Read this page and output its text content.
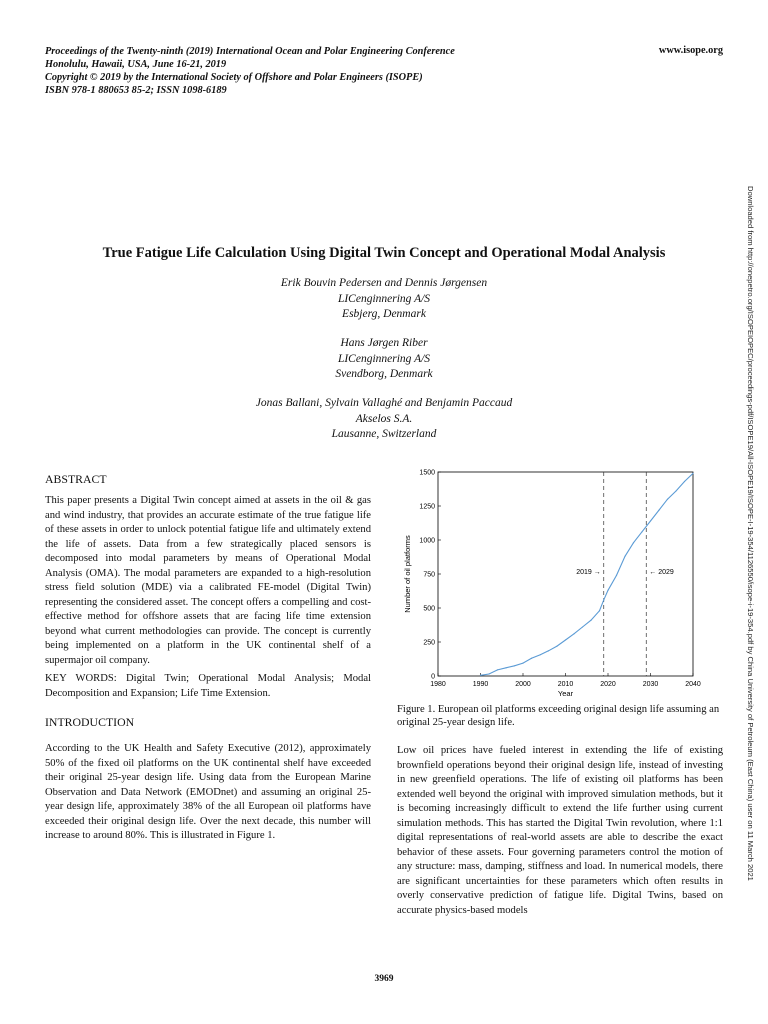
Proceedings of the Twenty-ninth (2019) International Ocean and Polar Engineering Conference
Honolulu, Hawaii, USA, June 16-21, 2019
Copyright © 2019 by the International Society of Offshore and Polar Engineers (ISOPE)
ISBN 978-1 880653 85-2; ISSN 1098-6189
www.isope.org
Downloaded from http://onepetro.org/ISOPEIOPEC/proceedings-pdf/ISOPE19/All-ISOPE19/ISOPE-I-19-354/1126550/isope-i-19-354.pdf by China University of Petroleum (East China) user on 11 March 2021
True Fatigue Life Calculation Using Digital Twin Concept and Operational Modal Analysis
Erik Bouvin Pedersen and Dennis Jørgensen
LICenginnering A/S
Esbjerg, Denmark
Hans Jørgen Riber
LICenginnering A/S
Svendborg, Denmark
Jonas Ballani, Sylvain Vallaghé and Benjamin Paccaud
Akselos S.A.
Lausanne, Switzerland
ABSTRACT
This paper presents a Digital Twin concept aimed at assets in the oil & gas and wind industry, that provides an accurate estimate of the true fatigue life of these assets in order to unlock potential fatigue life and ultimately extend the life of assets. Data from a few strategically placed sensors is decomposed into modal parameters by means of Operational Modal Analysis (OMA). The modal parameters are expanded to a high-resolution stress field solution (MDE) via a calibrated FE-model (Digital Twin) representing the considered asset. The concept offers a compelling and cost-effective method for offshore assets that are facing life time extension beyond what current methodologies can provide. The concept is currently being implemented on a platform in the UK continental shelf of a supermajor oil company.
KEY WORDS: Digital Twin; Operational Modal Analysis; Modal Decomposition and Expansion; Life Time Extension.
INTRODUCTION
According to the UK Health and Safety Executive (2012), approximately 50% of the fixed oil platforms on the UK continental shelf have exceeded their original 25-year design life. Using data from the European Marine Observation and Data Network (EMODnet) and assuming an original 25-year design life, approximately 38% of the all European oil platforms have exceeded their original design life. Over the next decade, this number will increase to around 80%. This is illustrated in Figure 1.
1980	1990	2000	2010	2020	2030	2040
0
250
500
750
1000
1250
1500
Year
Number of oil platforms	2019 →	← 2029
Figure 1. European oil platforms exceeding original design life assuming an original 25-year design life.
Low oil prices have fueled interest in extending the life of existing brownfield operations beyond their original design life, instead of investing in new greenfield operations. The life of existing oil platforms has been extended well beyond the original with improved simulation methods, but it is becoming increasingly difficult to extend the life further using current simulation methods. This has started the Digital Twin revolution, where 1:1 digital representations of real-world assets are able to describe the exact behavior of these assets. Four governing parameters control the motion of any structure: mass, damping, stiffness and load. In numerical models, there are significant uncertainties for these parameters which often results in overly conservative prediction of fatigue life. Digital Twins, based on accurate physics-based models
3969
